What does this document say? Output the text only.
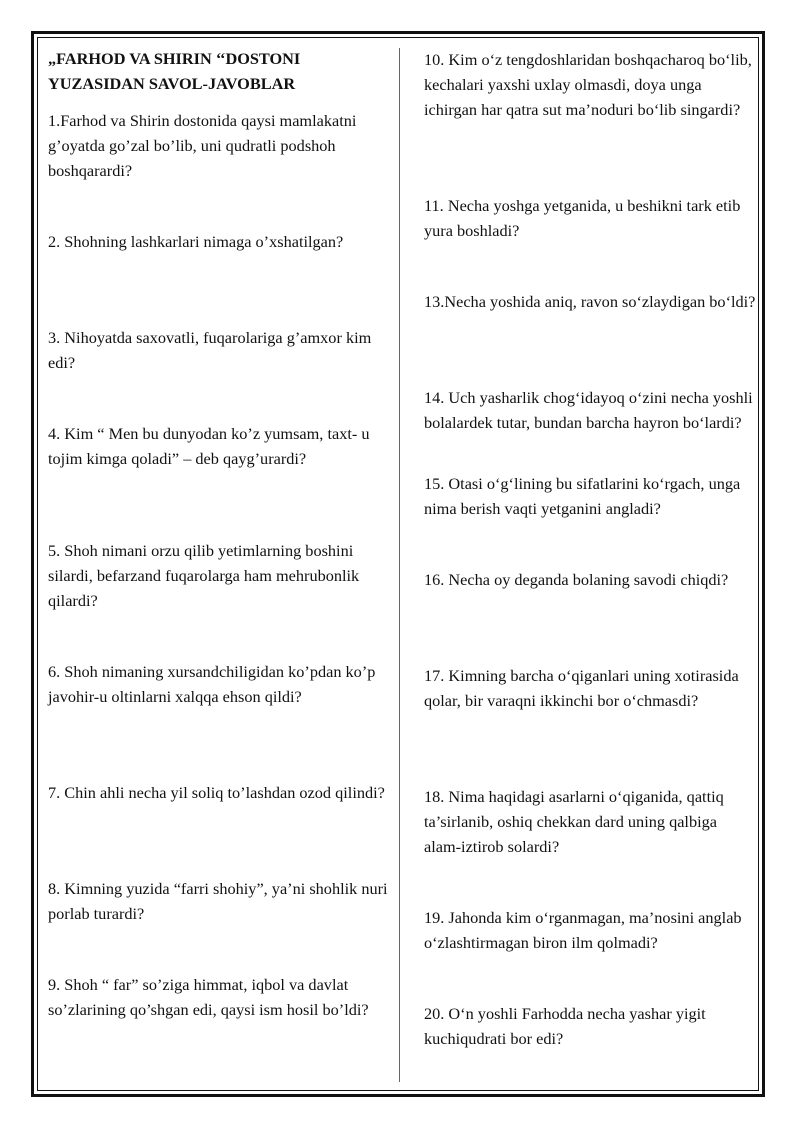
„FARHOD VA SHIRIN ‘‘DOSTONI YUZASIDAN SAVOL-JAVOBLAR

1.Farhod va Shirin dostonida qaysi mamlakatni g’oyatda go’zal bo’lib, uni qudratli podshoh boshqarardi?

2. Shohning lashkarlari nimaga o’xshatilgan?

3. Nihoyatda saxovatli, fuqarolariga g’amxor kim edi?

4. Kim “ Men bu dunyodan ko’z yumsam, taxt- u tojim kimga qoladi” – deb qayg’urardi?

5. Shoh nimani orzu qilib yetimlarning boshini silardi, befarzand fuqarolarga ham mehrubonlik qilardi?

6. Shoh nimaning xursandchiligidan ko’pdan ko’p javohir-u oltinlarni xalqqa ehson qildi?

7. Chin ahli necha yil soliq to’lashdan ozod qilindi?

8. Kimning yuzida “farri shohiy”, ya’ni shohlik nuri porlab turardi?

9. Shoh “ far” so’ziga himmat, iqbol va davlat so’zlarining qo’shgan edi, qaysi ism hosil bo’ldi?

10. Kim o‘z tengdoshlaridan boshqacharoq bo‘lib, kechalari yaxshi uxlay olmasdi, doya unga ichirgan har qatra sut ma’noduri bo‘lib singardi?

11. Necha yoshga yetganida, u beshikni tark etib yura boshladi?

13.Necha yoshida aniq, ravon so‘zlaydigan bo‘ldi?

14. Uch yasharlik chog‘idayoq o‘zini necha yoshli bolalardek tutar, bundan barcha hayron bo‘lardi?

15. Otasi o‘g‘lining bu sifatlarini ko‘rgach, unga nima berish vaqti yetganini angladi?

16. Necha oy deganda bolaning savodi chiqdi?

17. Kimning barcha o‘qiganlari uning xotirasida qolar, bir varaqni ikkinchi bor o‘chmasdi?

18. Nima haqidagi asarlarni o‘qiganida, qattiq ta’sirlanib, oshiq chekkan dard uning qalbiga alam-iztirob solardi?

19. Jahonda kim o‘rganmagan, ma’nosini anglab o‘zlashtirmagan biron ilm qolmadi?

20. O‘n yoshli Farhodda necha yashar yigit kuchiqudrati bor edi?
